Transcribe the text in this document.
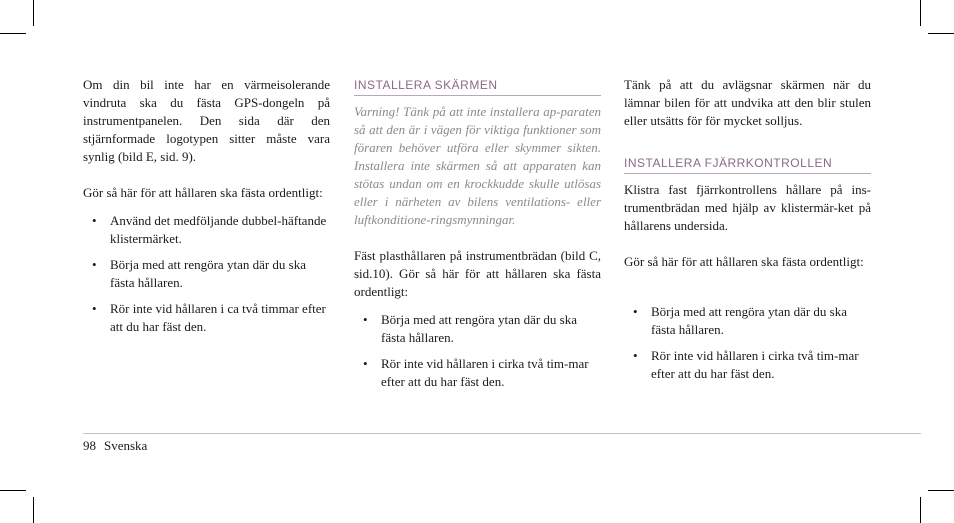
Om din bil inte har en värmeisolerande vindruta ska du fästa GPS-dongeln på instrumentpanelen. Den sida där den stjärnformade logotypen sitter måste vara synlig (bild E, sid. 9).

Gör så här för att hållaren ska fästa ordentligt:

• Använd det medföljande dubbel-häftande klistermärket.
• Börja med att rengöra ytan där du ska fästa hållaren.
• Rör inte vid hållaren i ca två timmar efter att du har fäst den.
INSTALLERA SKÄRMEN

Varning! Tänk på att inte installera ap-paraten så att den är i vägen för viktiga funktioner som föraren behöver utföra eller skymmer sikten. Installera inte skärmen så att apparaten kan stötas undan om en krockkudde skulle utlösas eller i närheten av bilens ventilations- eller luftkonditione-ringsmynningar.

Fäst plasthållaren på instrumentbrädan (bild C, sid.10). Gör så här för att hållaren ska fästa ordentligt:

• Börja med att rengöra ytan där du ska fästa hållaren.
• Rör inte vid hållaren i cirka två tim-mar efter att du har fäst den.

Tänk på att du avlägsnar skärmen när du lämnar bilen för att undvika att den blir stulen eller utsätts för för mycket solljus.

INSTALLERA FJÄRRKONTROLLEN

Klistra fast fjärrkontrollens hållare på ins-trumentbrädan med hjälp av klistermär-ket på hållarens undersida.

Gör så här för att hållaren ska fästa ordentligt:

• Börja med att rengöra ytan där du ska fästa hållaren.
• Rör inte vid hållaren i cirka två tim-mar efter att du har fäst den.
98 Svenska
